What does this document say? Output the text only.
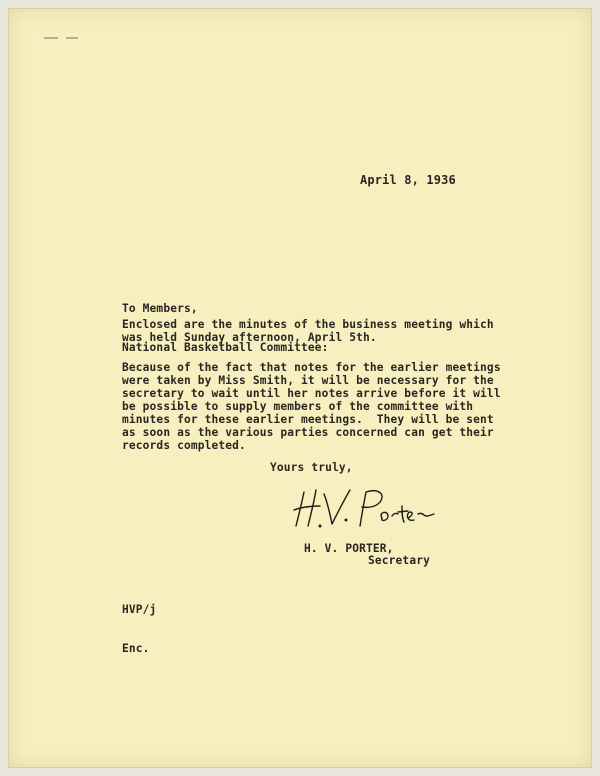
April 8, 1936

To Members,

National Basketball Committee:

Enclosed are the minutes of the business meeting which
was held Sunday afternoon, April 5th.
Because of the fact that notes for the earlier meetings
were taken by Miss Smith, it will be necessary for the
secretary to wait until her notes arrive before it will
be possible to supply members of the committee with
minutes for these earlier meetings.  They will be sent
as soon as the various parties concerned can get their
records completed.
Yours truly,
H. V. PORTER,
Secretary

HVP/j

Enc.
